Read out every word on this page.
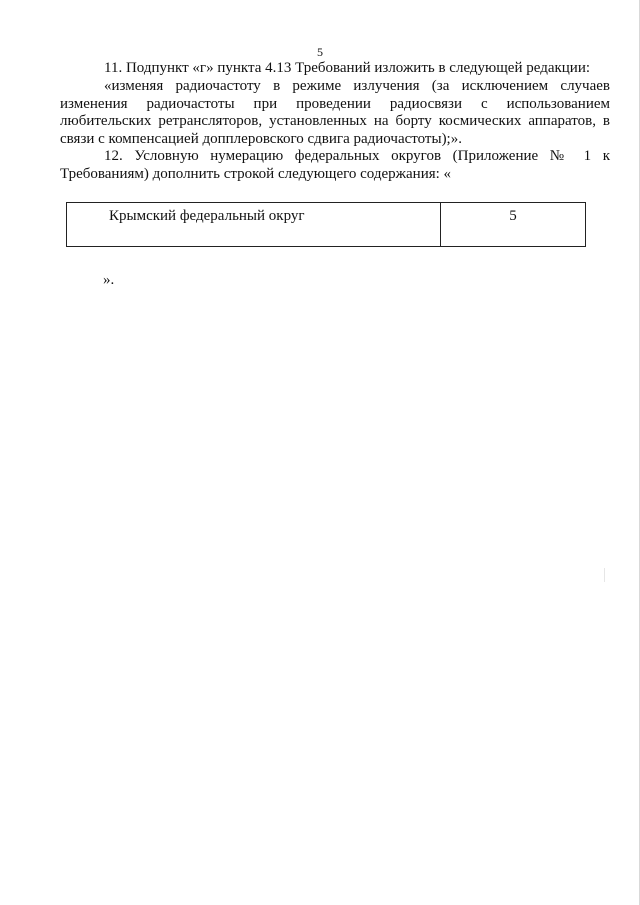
5

11. Подпункт «г» пункта 4.13 Требований изложить в следующей редакции:

«изменяя радиочастоту в режиме излучения (за исключением случаев изменения радиочастоты при проведении радиосвязи с использованием любительских ретрансляторов, установленных на борту космических аппаратов, в связи с компенсацией допплеровского сдвига радиочастоты);».

12. Условную нумерацию федеральных округов (Приложение № 1 к Требованиям) дополнить строкой следующего содержания: «

Крымский федеральный округ	5
».
